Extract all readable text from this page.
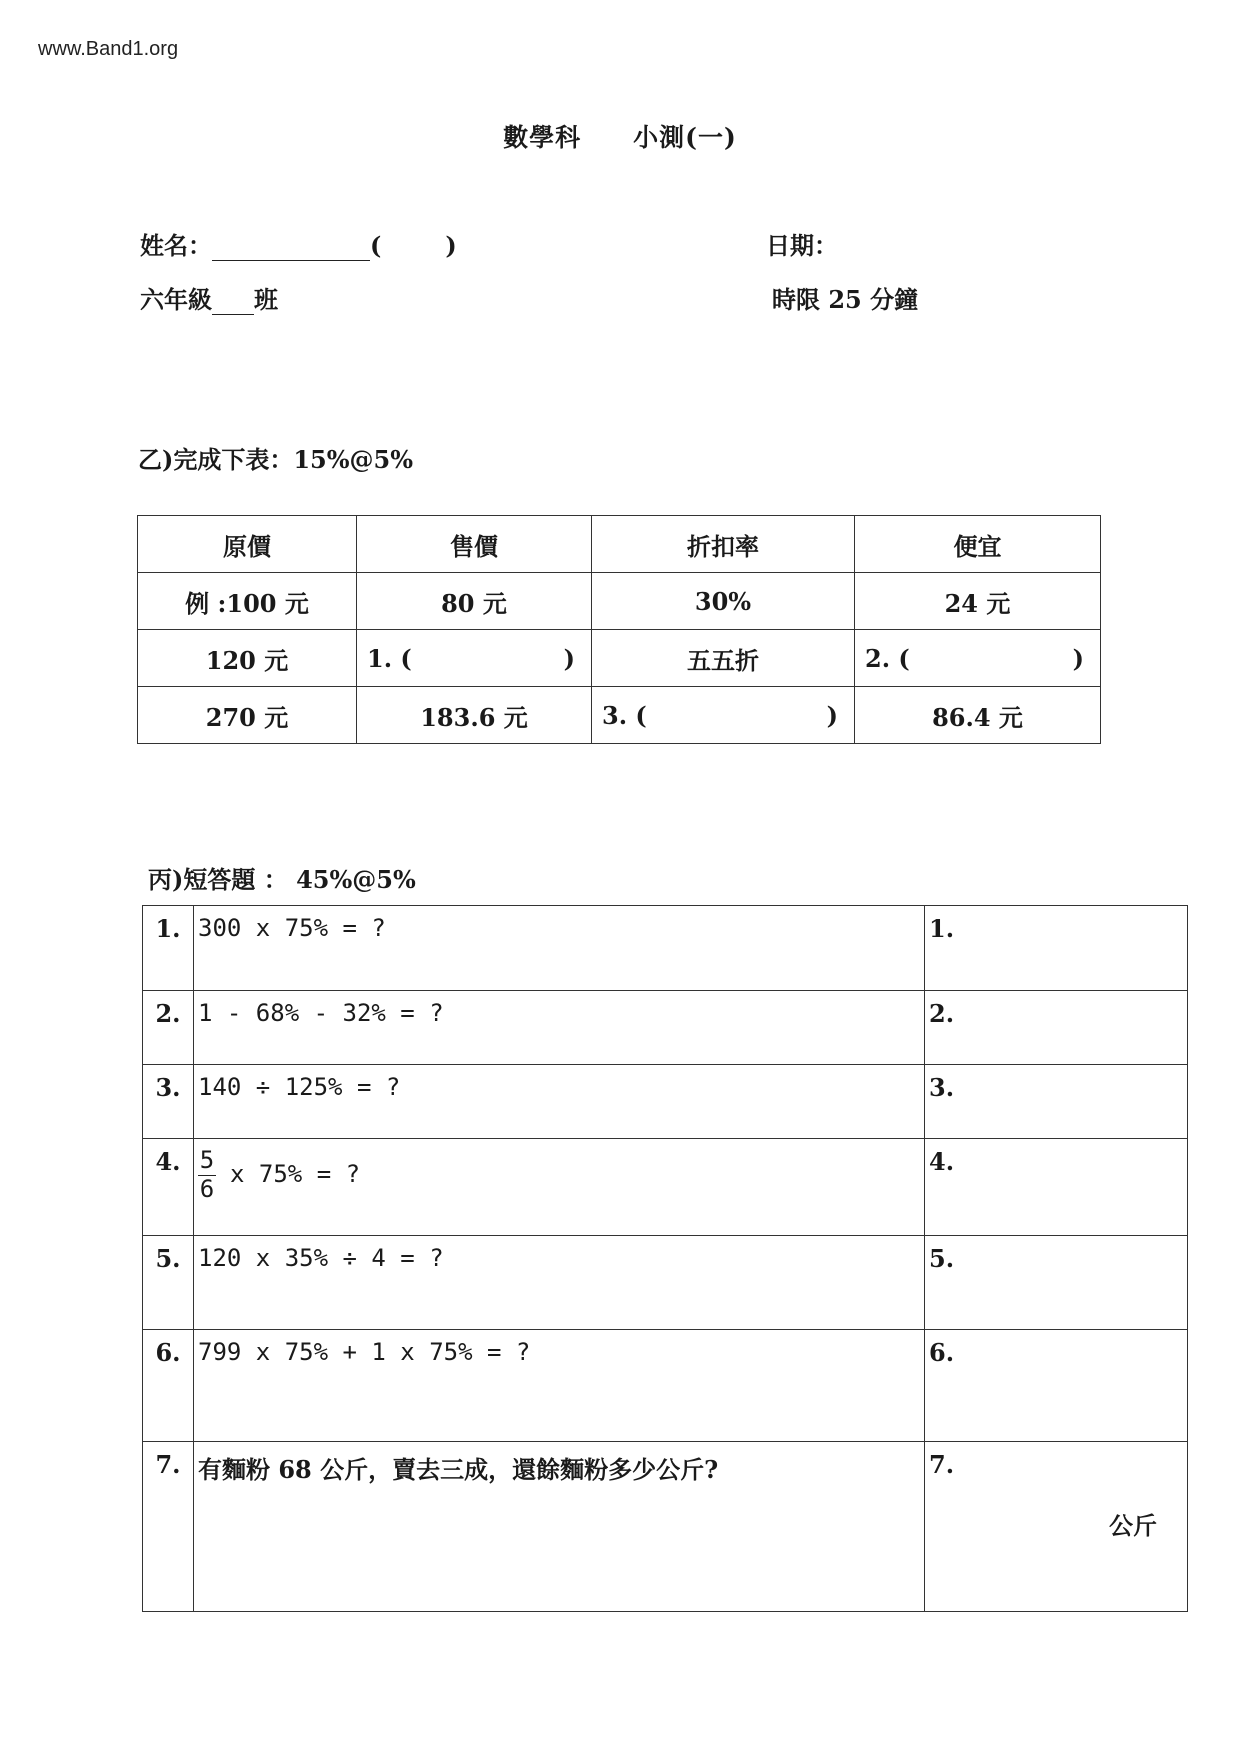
www.Band1.org
數學科 小測(一)
姓名：	(	)	日期：
六年級 班	時限 25 分鐘
乙)完成下表：15%@5%
原價	售價	折扣率	便宜
例 :100 元	80 元	30%	24 元
120 元	1. ( )	五五折	2. ( )

270 元	183.6 元	3. ( )	86.4 元
丙)短答題 ： 45%@5%
1.	300 x 75% = ?	1.
2.	1 - 68% - 32% = ?	2.
3.	140 ÷ 125% = ?	3.
4.	$\frac{5}{6}$ x 75% = ?	4.
5.	120 x 35% ÷ 4 = ?	5.
6.	799 x 75% + 1 x 75% = ?	6.
7.	有麵粉 68 公斤，賣去三成，還餘麵粉多少公斤?	7.
公斤
